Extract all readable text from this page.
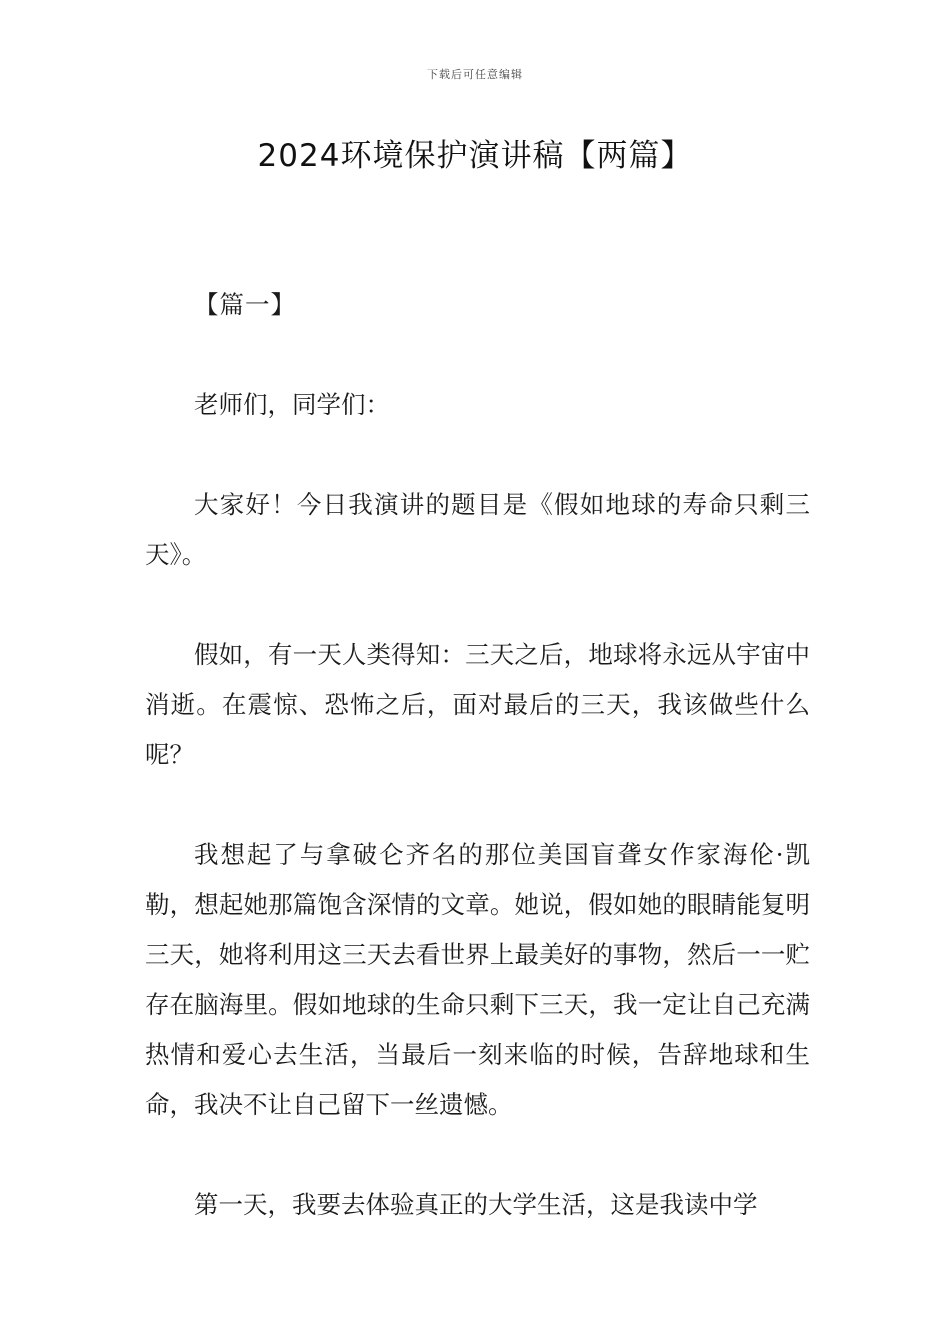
下载后可任意编辑
2024环境保护演讲稿【两篇】

【篇一】

老师们，同学们：

大家好！今日我演讲的题目是《假如地球的寿命只剩三天》。

假如，有一天人类得知：三天之后，地球将永远从宇宙中消逝。在震惊、恐怖之后，面对最后的三天，我该做些什么呢？

我想起了与拿破仑齐名的那位美国盲聋女作家海伦·凯勒，想起她那篇饱含深情的文章。她说，假如她的眼睛能复明三天，她将利用这三天去看世界上最美好的事物，然后一一贮存在脑海里。假如地球的生命只剩下三天，我一定让自己充满热情和爱心去生活，当最后一刻来临的时候，告辞地球和生命，我决不让自己留下一丝遗憾。

第一天，我要去体验真正的大学生活，这是我读中学
